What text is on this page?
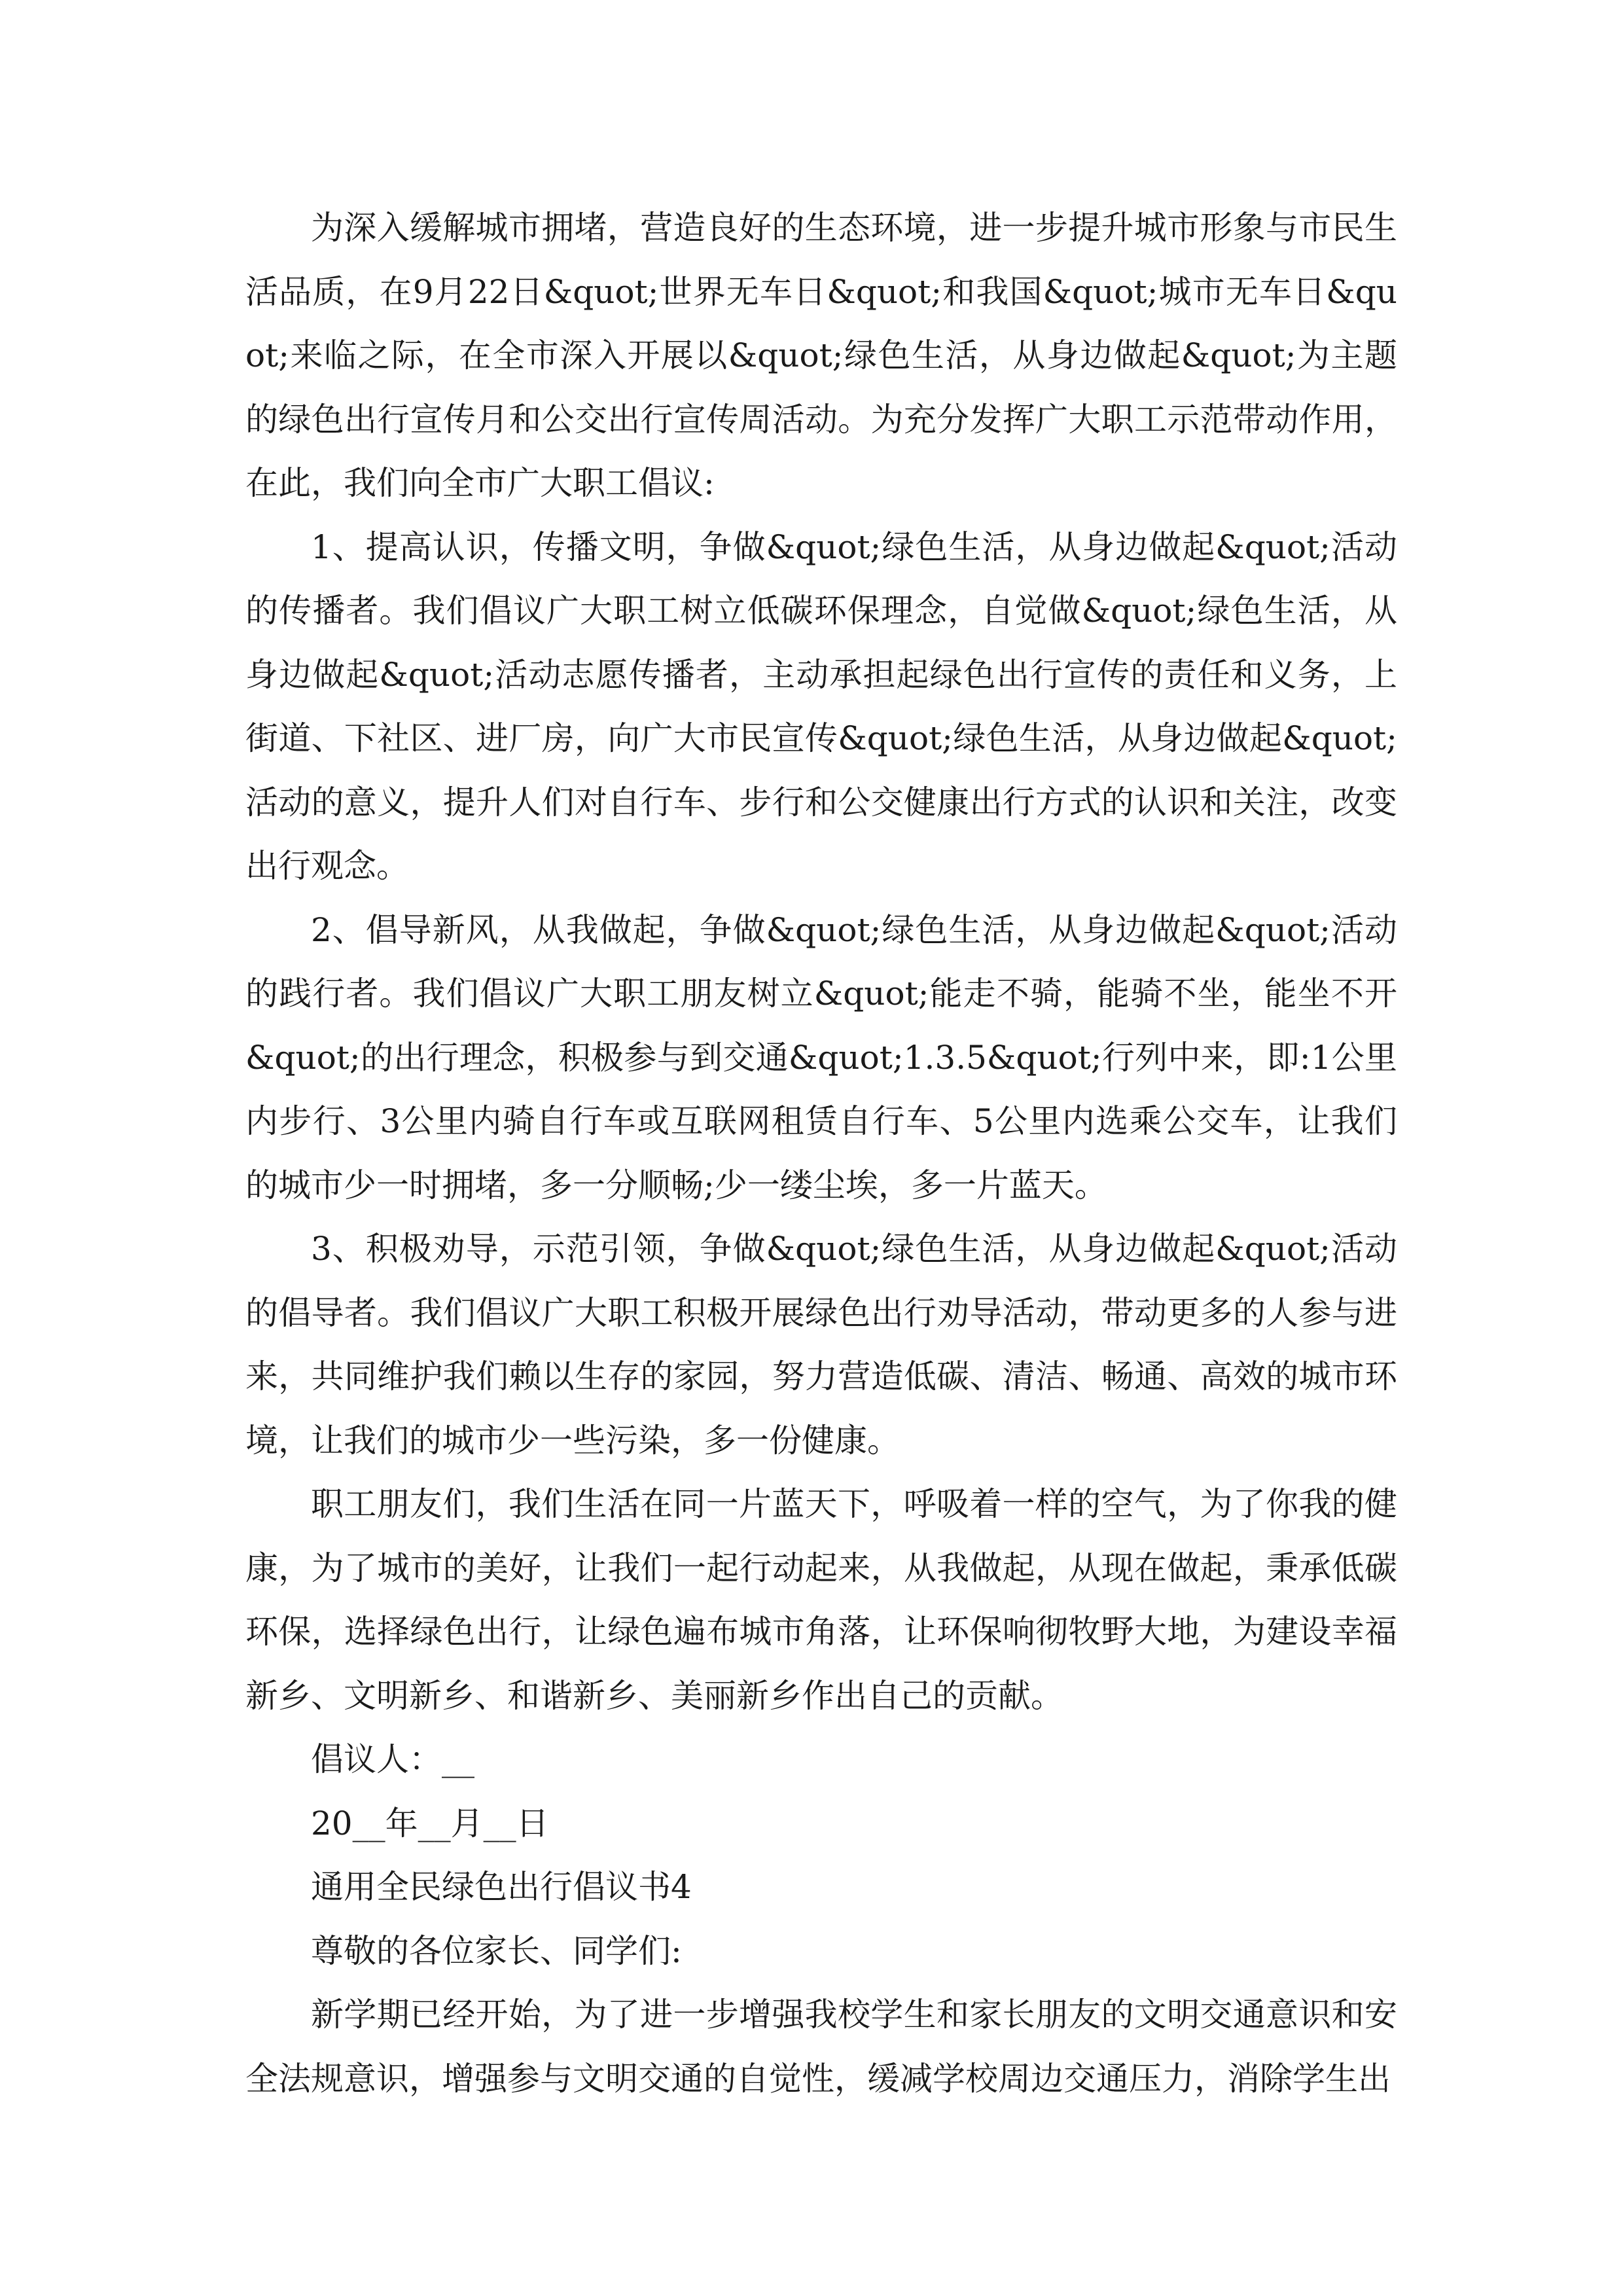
为深入缓解城市拥堵，营造良好的生态环境，进一步提升城市形象与市民生活品质，在9月22日&quot;世界无车日&quot;和我国&quot;城市无车日&quot;来临之际，在全市深入开展以&quot;绿色生活，从身边做起&quot;为主题的绿色出行宣传月和公交出行宣传周活动。为充分发挥广大职工示范带动作用，在此，我们向全市广大职工倡议:

1、提高认识，传播文明，争做&quot;绿色生活，从身边做起&quot;活动的传播者。我们倡议广大职工树立低碳环保理念，自觉做&quot;绿色生活，从身边做起&quot;活动志愿传播者，主动承担起绿色出行宣传的责任和义务，上街道、下社区、进厂房，向广大市民宣传&quot;绿色生活，从身边做起&quot;活动的意义，提升人们对自行车、步行和公交健康出行方式的认识和关注，改变出行观念。

2、倡导新风，从我做起，争做&quot;绿色生活，从身边做起&quot;活动的践行者。我们倡议广大职工朋友树立&quot;能走不骑，能骑不坐，能坐不开&quot;的出行理念，积极参与到交通&quot;1.3.5&quot;行列中来，即:1公里内步行、3公里内骑自行车或互联网租赁自行车、5公里内选乘公交车，让我们的城市少一时拥堵，多一分顺畅;少一缕尘埃，多一片蓝天。

3、积极劝导，示范引领，争做&quot;绿色生活，从身边做起&quot;活动的倡导者。我们倡议广大职工积极开展绿色出行劝导活动，带动更多的人参与进来，共同维护我们赖以生存的家园，努力营造低碳、清洁、畅通、高效的城市环境，让我们的城市少一些污染，多一份健康。

职工朋友们，我们生活在同一片蓝天下，呼吸着一样的空气，为了你我的健康，为了城市的美好，让我们一起行动起来，从我做起，从现在做起，秉承低碳环保，选择绿色出行，让绿色遍布城市角落，让环保响彻牧野大地，为建设幸福新乡、文明新乡、和谐新乡、美丽新乡作出自己的贡献。

倡议人：__

20__年__月__日

通用全民绿色出行倡议书4

尊敬的各位家长、同学们:

新学期已经开始，为了进一步增强我校学生和家长朋友的文明交通意识和安全法规意识，增强参与文明交通的自觉性，缓减学校周边交通压力，消除学生出
